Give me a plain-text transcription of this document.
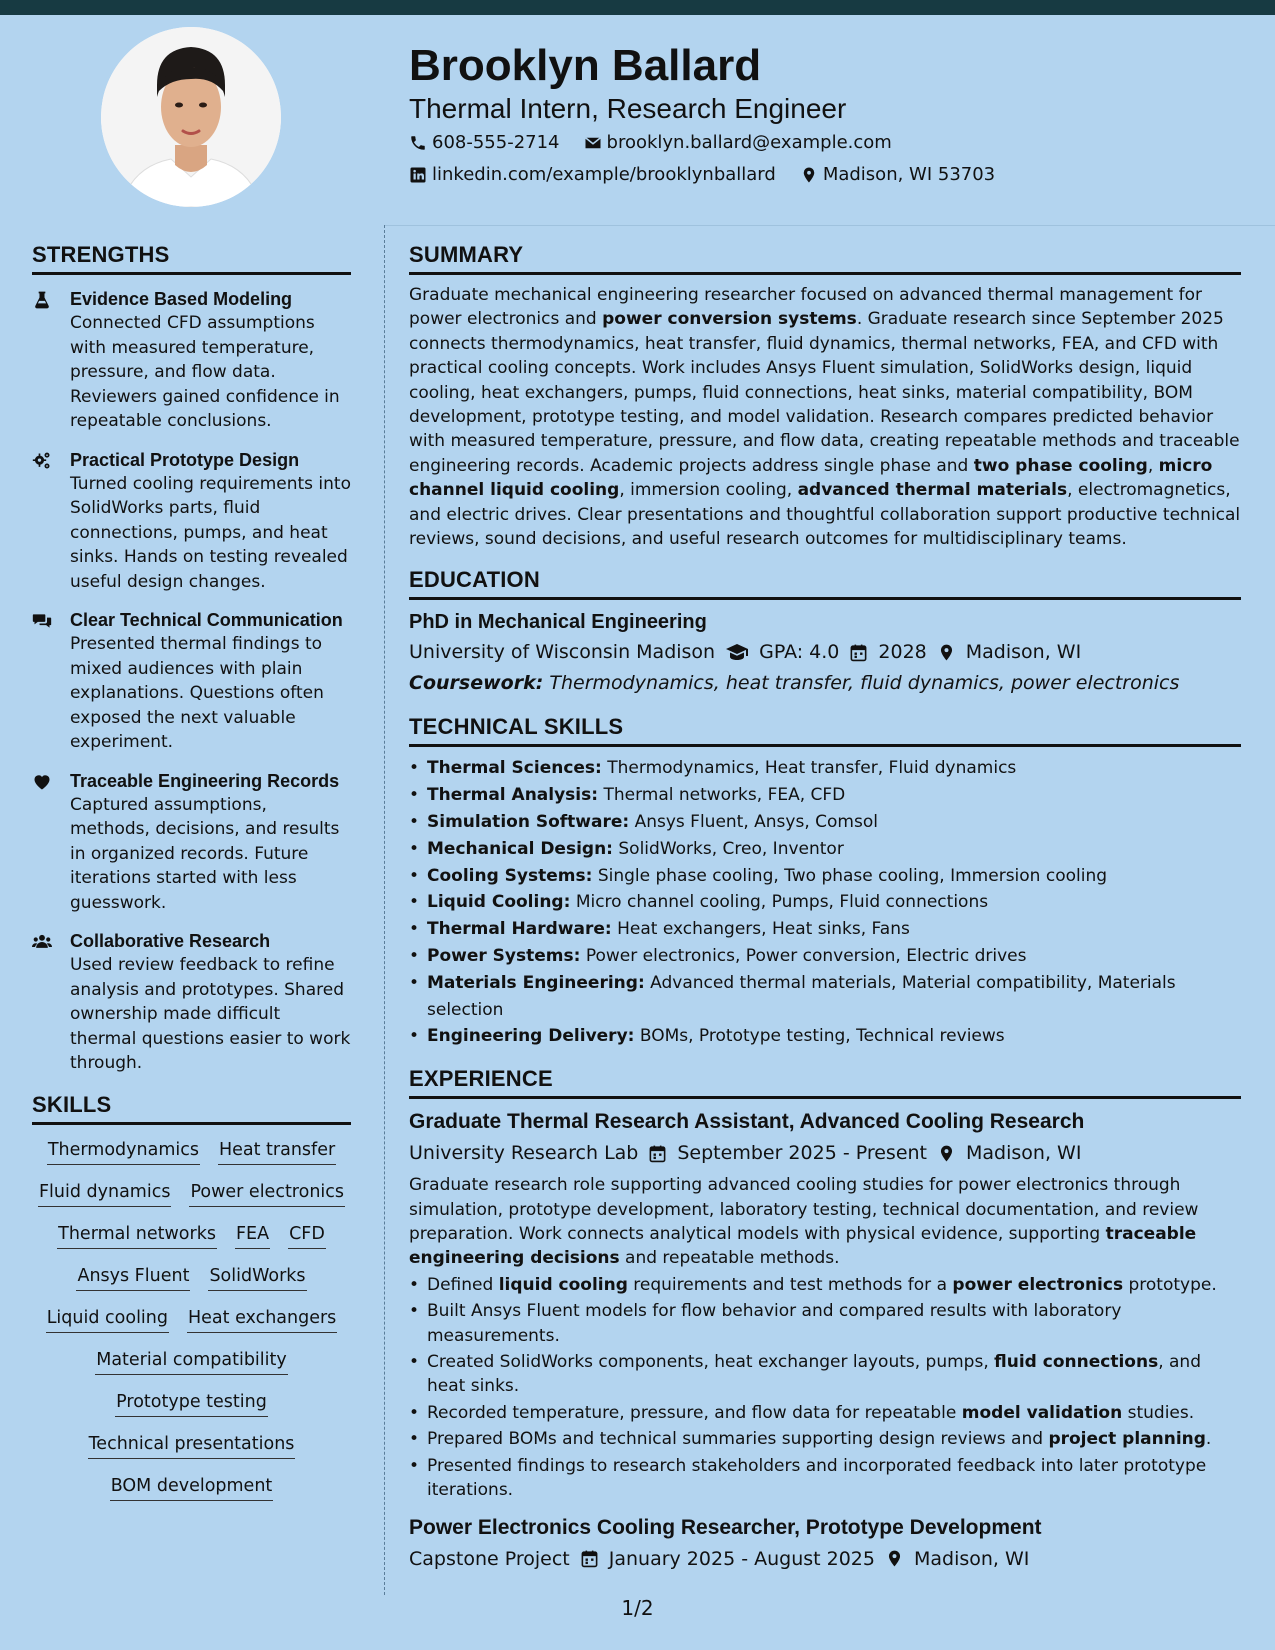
Brooklyn Ballard
Thermal Intern, Research Engineer
608-555-2714	brooklyn.ballard@example.com
linkedin.com/example/brooklynballard	Madison, WI 53703
STRENGTHS
Evidence Based Modeling
Connected CFD assumptions with measured temperature, pressure, and flow data. Reviewers gained confidence in repeatable conclusions.
Practical Prototype Design
Turned cooling requirements into SolidWorks parts, fluid connections, pumps, and heat sinks. Hands on testing revealed useful design changes.
Clear Technical Communication
Presented thermal findings to mixed audiences with plain explanations. Questions often exposed the next valuable experiment.
Traceable Engineering Records
Captured assumptions, methods, decisions, and results in organized records. Future iterations started with less guesswork.
Collaborative Research
Used review feedback to refine analysis and prototypes. Shared ownership made difficult thermal questions easier to work through.
SKILLS
Thermodynamics Heat transfer
Fluid dynamics Power electronics
Thermal networks FEA CFD
Ansys Fluent SolidWorks
Liquid cooling Heat exchangers
Material compatibility
Prototype testing
Technical presentations
BOM development
SUMMARY
Graduate mechanical engineering researcher focused on advanced thermal management for power electronics and power conversion systems. Graduate research since September 2025 connects thermodynamics, heat transfer, fluid dynamics, thermal networks, FEA, and CFD with practical cooling concepts. Work includes Ansys Fluent simulation, SolidWorks design, liquid cooling, heat exchangers, pumps, fluid connections, heat sinks, material compatibility, BOM development, prototype testing, and model validation. Research compares predicted behavior with measured temperature, pressure, and flow data, creating repeatable methods and traceable engineering records. Academic projects address single phase and two phase cooling, micro channel liquid cooling, immersion cooling, advanced thermal materials, electromagnetics, and electric drives. Clear presentations and thoughtful collaboration support productive technical reviews, sound decisions, and useful research outcomes for multidisciplinary teams.
EDUCATION
PhD in Mechanical Engineering
University of Wisconsin Madison GPA: 4.0 2028 Madison, WI
Coursework: Thermodynamics, heat transfer, fluid dynamics, power electronics
TECHNICAL SKILLS
• Thermal Sciences: Thermodynamics, Heat transfer, Fluid dynamics
• Thermal Analysis: Thermal networks, FEA, CFD
• Simulation Software: Ansys Fluent, Ansys, Comsol
• Mechanical Design: SolidWorks, Creo, Inventor
• Cooling Systems: Single phase cooling, Two phase cooling, Immersion cooling
• Liquid Cooling: Micro channel cooling, Pumps, Fluid connections
• Thermal Hardware: Heat exchangers, Heat sinks, Fans
• Power Systems: Power electronics, Power conversion, Electric drives
• Materials Engineering: Advanced thermal materials, Material compatibility, Materials selection
• Engineering Delivery: BOMs, Prototype testing, Technical reviews
EXPERIENCE
Graduate Thermal Research Assistant, Advanced Cooling Research
University Research Lab September 2025 - Present Madison, WI
Graduate research role supporting advanced cooling studies for power electronics through simulation, prototype development, laboratory testing, technical documentation, and review preparation. Work connects analytical models with physical evidence, supporting traceable engineering decisions and repeatable methods.
• Defined liquid cooling requirements and test methods for a power electronics prototype.
• Built Ansys Fluent models for flow behavior and compared results with laboratory measurements.
• Created SolidWorks components, heat exchanger layouts, pumps, fluid connections, and heat sinks.
• Recorded temperature, pressure, and flow data for repeatable model validation studies.
• Prepared BOMs and technical summaries supporting design reviews and project planning.
• Presented findings to research stakeholders and incorporated feedback into later prototype iterations.
Power Electronics Cooling Researcher, Prototype Development
Capstone Project January 2025 - August 2025 Madison, WI
1/2
